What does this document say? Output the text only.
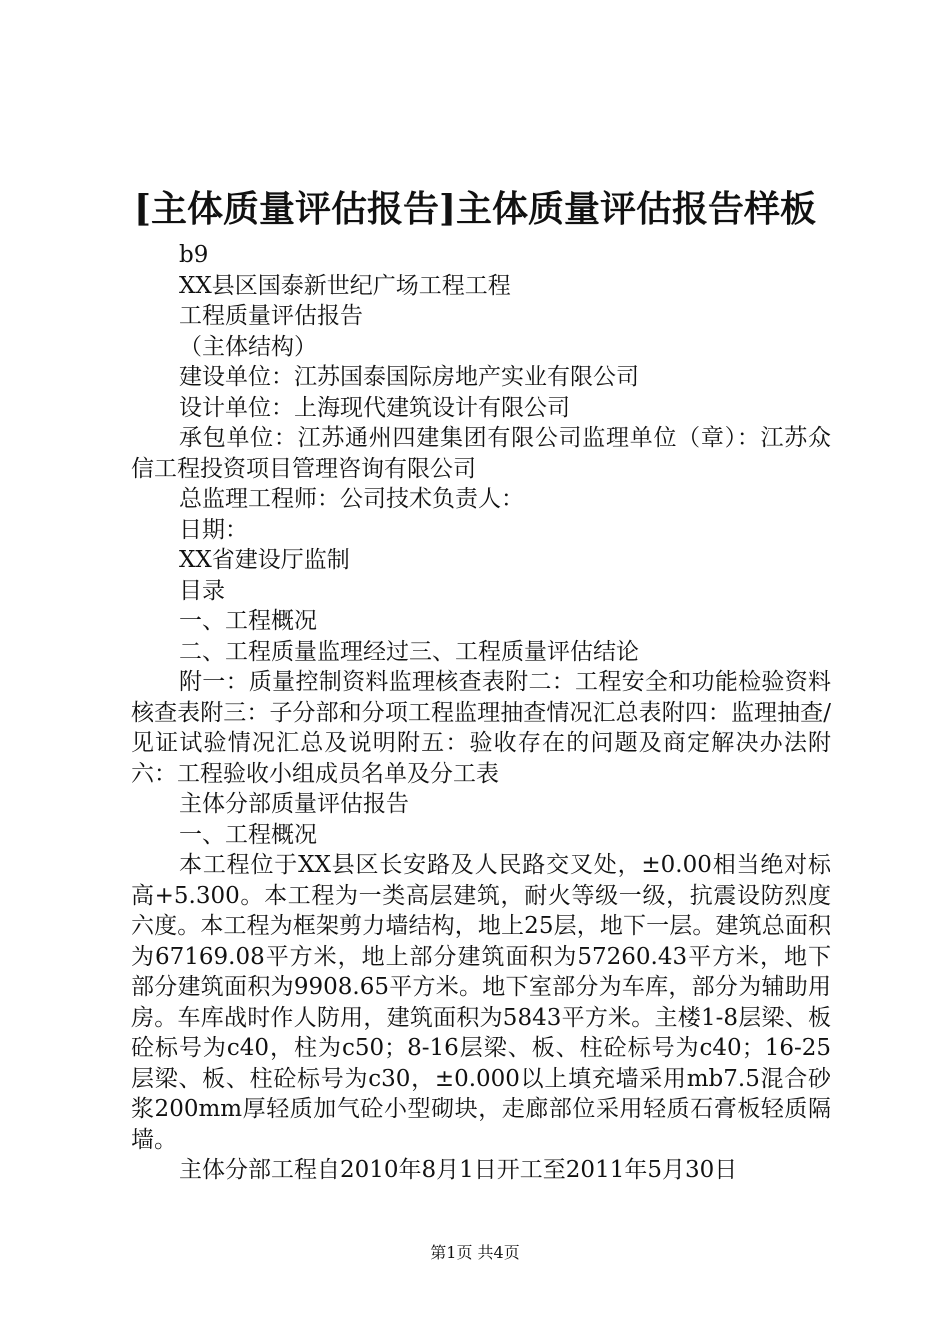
[主体质量评估报告]主体质量评估报告样板

b9

XX县区国泰新世纪广场工程工程

工程质量评估报告

（主体结构）

建设单位：江苏国泰国际房地产实业有限公司

设计单位：上海现代建筑设计有限公司

承包单位：江苏通州四建集团有限公司监理单位（章）：江苏众信工程投资项目管理咨询有限公司

总监理工程师：公司技术负责人：

日期：

XX省建设厅监制

目录

一、工程概况

二、工程质量监理经过三、工程质量评估结论

附一：质量控制资料监理核查表附二：工程安全和功能检验资料核查表附三：子分部和分项工程监理抽查情况汇总表附四：监理抽查/见证试验情况汇总及说明附五：验收存在的问题及商定解决办法附六：工程验收小组成员名单及分工表

主体分部质量评估报告

一、工程概况

本工程位于XX县区长安路及人民路交叉处，±0.00相当绝对标高+5.300。本工程为一类高层建筑，耐火等级一级，抗震设防烈度六度。本工程为框架剪力墙结构，地上25层，地下一层。建筑总面积为67169.08平方米，地上部分建筑面积为57260.43平方米，地下部分建筑面积为9908.65平方米。地下室部分为车库，部分为辅助用房。车库战时作人防用，建筑面积为5843平方米。主楼1-8层梁、板砼标号为c40，柱为c50；8-16层梁、板、柱砼标号为c40；16-25层梁、板、柱砼标号为c30，±0.000以上填充墙采用mb7.5混合砂浆200mm厚轻质加气砼小型砌块，走廊部位采用轻质石膏板轻质隔墙。

主体分部工程自2010年8月1日开工至2011年5月30日

第1页 共4页
